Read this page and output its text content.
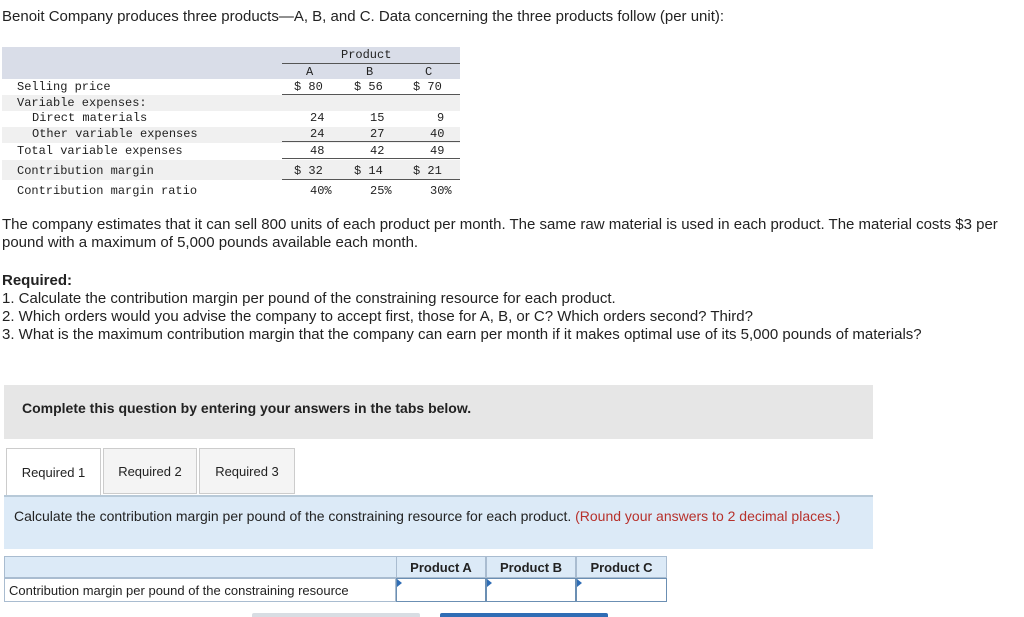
Benoit Company produces three products—A, B, and C. Data concerning the three products follow (per unit):
Product
A	B	C
Selling price	$ 80	$ 56	$ 70
Variable expenses:
Direct materials	24	15	9
Other variable expenses	24	27	40
Total variable expenses	48	42	49
Contribution margin	$ 32	$ 14	$ 21
Contribution margin ratio	40%	25%	30%
The company estimates that it can sell 800 units of each product per month. The same raw material is used in each product. The material costs $3 per pound with a maximum of 5,000 pounds available each month.
Required:
1. Calculate the contribution margin per pound of the constraining resource for each product.
2. Which orders would you advise the company to accept first, those for A, B, or C? Which orders second? Third?
3. What is the maximum contribution margin that the company can earn per month if it makes optimal use of its 5,000 pounds of materials?
Complete this question by entering your answers in the tabs below.
Required 1	Required 2	Required 3
Calculate the contribution margin per pound of the constraining resource for each product. (Round your answers to 2 decimal places.)
Product A	Product B	Product C
Contribution margin per pound of the constraining resource
